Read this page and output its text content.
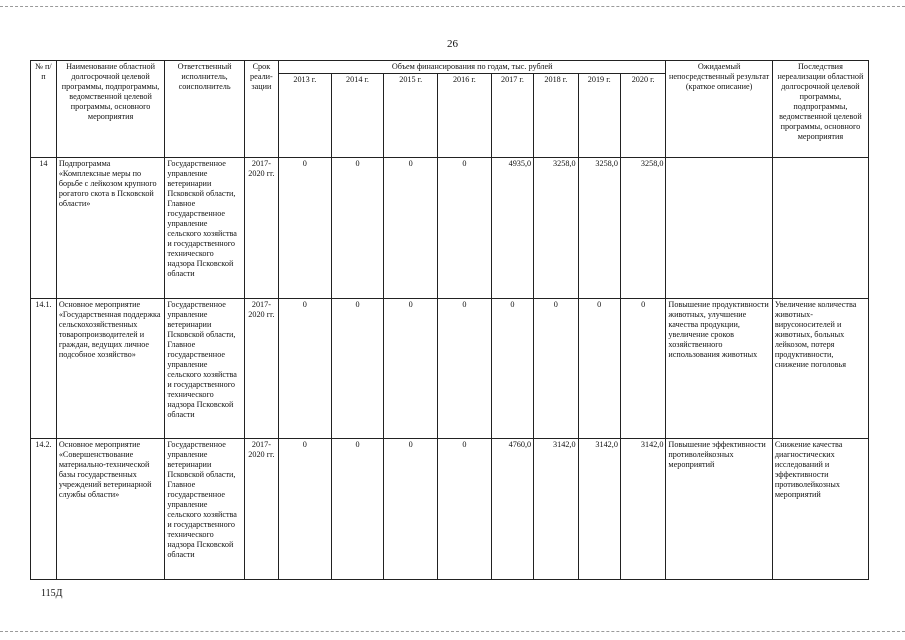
26
№ п/п	Наименование областной долгосрочной целевой программы, подпрограммы, ведомственной целевой программы, основного мероприятия	Ответственный исполнитель, соисполнитель	Срок реали-зации	Объем финансирования по годам, тыс. рублей								Ожидаемый непосредственный результат (краткое описание)	Последствия нереализации областной долгосрочной целевой программы, подпрограммы, ведомственной целевой программы, основного мероприятия
				2013 г.	2014 г.	2015 г.	2016 г.	2017 г.	2018 г.	2019 г.	2020 г.		
14	Подпрограмма «Комплексные меры по борьбе с лейкозом крупного рогатого скота в Псковской области»	Государственное управление ветеринарии Псковской области, Главное государственное управление сельского хозяйства и государственного технического надзора Псковской области	2017-2020 гг.	0	0	0	0	4935,0	3258,0	3258,0	3258,0		
14.1.	Основное мероприятие «Государственная поддержка сельскохозяйственных товаропроизводителей и граждан, ведущих личное подсобное хозяйство»	Государственное управление ветеринарии Псковской области, Главное государственное управление сельского хозяйства и государственного технического надзора Псковской области	2017-2020 гг.	0	0	0	0	0	0	0	0	Повышение продуктивности животных, улучшение качества продукции, увеличение сроков хозяйственного использования животных	Увеличение количества животных-вирусоносителей и животных, больных лейкозом, потеря продуктивности, снижение поголовья
14.2.	Основное мероприятие «Совершенствование материально-технической базы государственных учреждений ветеринарной службы области»	Государственное управление ветеринарии Псковской области, Главное государственное управление сельского хозяйства и государственного технического надзора Псковской области	2017-2020 гг.	0	0	0	0	4760,0	3142,0	3142,0	3142,0	Повышение эффективности противолейкозных мероприятий	Снижение качества диагностических исследований и эффективности противолейкозных мероприятий
115Д
